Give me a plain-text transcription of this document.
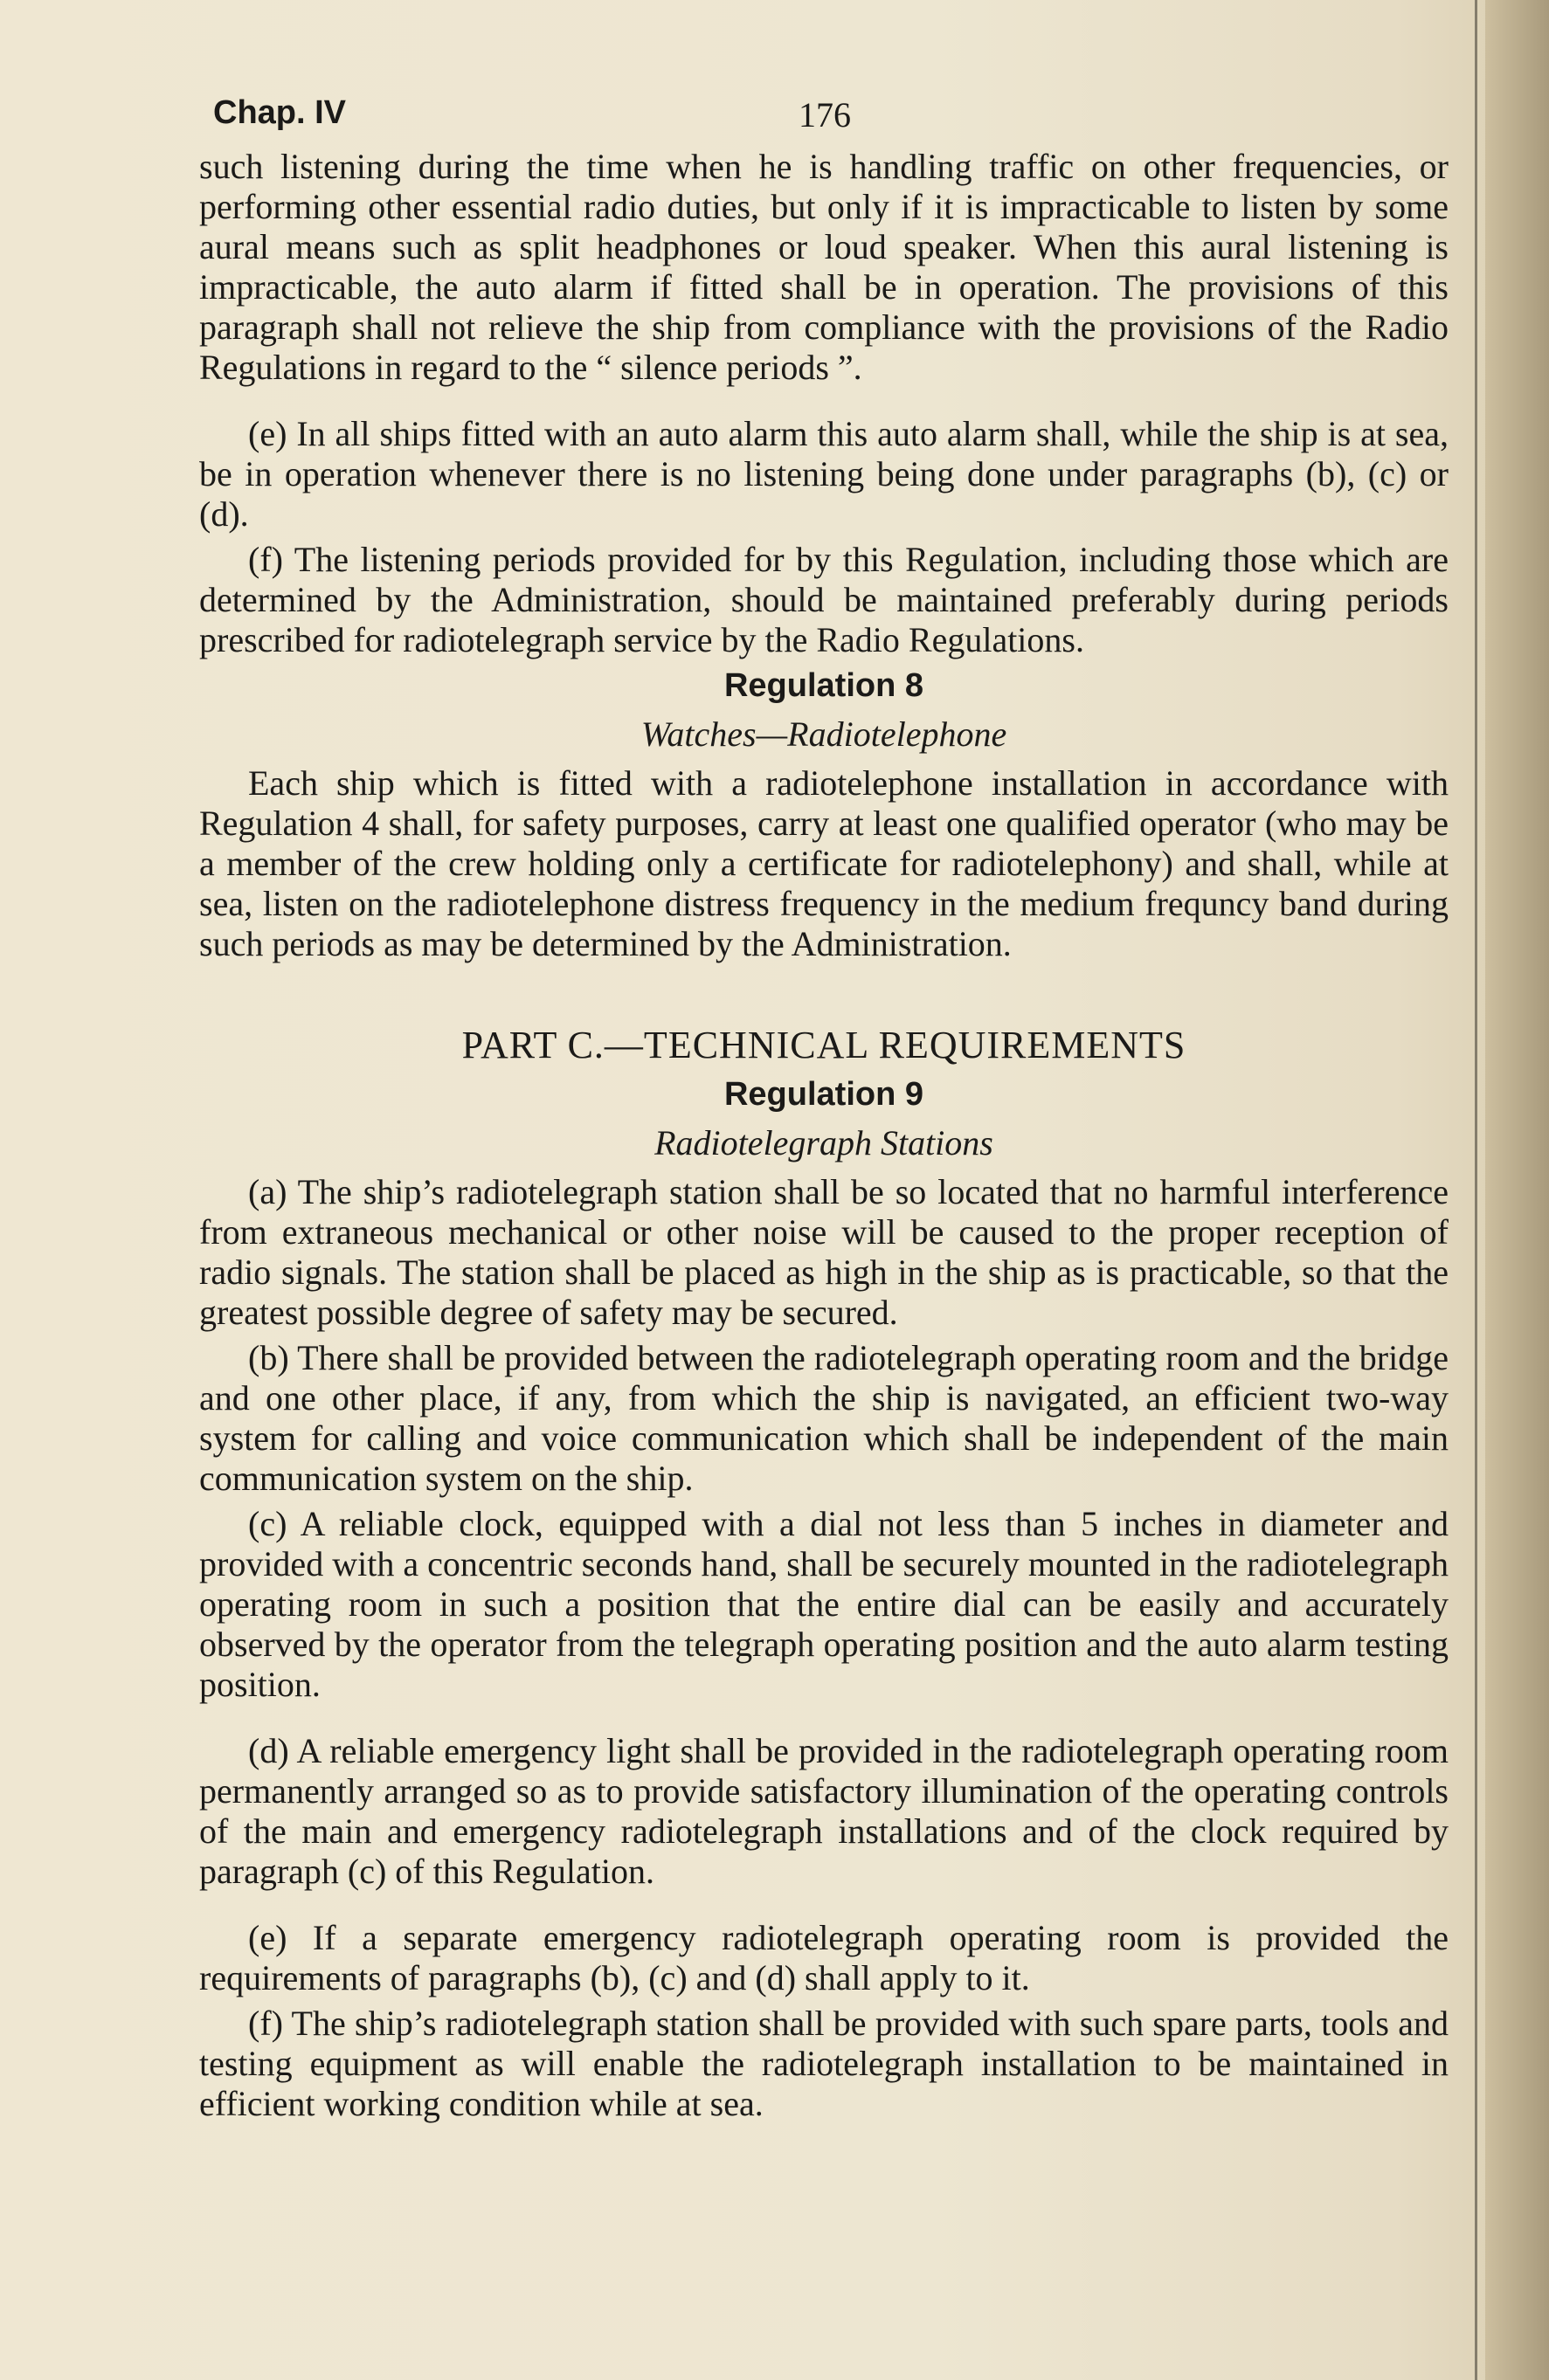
Chap. IV	176

such listening during the time when he is handling traffic on other frequencies, or performing other essential radio duties, but only if it is impracticable to listen by some aural means such as split headphones or loud speaker. When this aural listening is impracticable, the auto alarm if fitted shall be in operation. The provisions of this paragraph shall not relieve the ship from compliance with the provisions of the Radio Regulations in regard to the “ silence periods ”.

(e) In all ships fitted with an auto alarm this auto alarm shall, while the ship is at sea, be in operation whenever there is no listening being done under paragraphs (b), (c) or (d).

(f) The listening periods provided for by this Regulation, including those which are determined by the Administration, should be maintained preferably during periods prescribed for radiotelegraph service by the Radio Regulations.

Regulation 8
Watches—Radiotelephone

Each ship which is fitted with a radiotelephone installation in accordance with Regulation 4 shall, for safety purposes, carry at least one qualified operator (who may be a member of the crew holding only a certificate for radiotelephony) and shall, while at sea, listen on the radiotelephone distress frequency in the medium frequncy band during such periods as may be determined by the Administration.

PART C.—TECHNICAL REQUIREMENTS
Regulation 9
Radiotelegraph Stations

(a) The ship’s radiotelegraph station shall be so located that no harmful interference from extraneous mechanical or other noise will be caused to the proper reception of radio signals. The station shall be placed as high in the ship as is practicable, so that the greatest possible degree of safety may be secured.

(b) There shall be provided between the radiotelegraph operating room and the bridge and one other place, if any, from which the ship is navigated, an efficient two-way system for calling and voice communication which shall be independent of the main communication system on the ship.

(c) A reliable clock, equipped with a dial not less than 5 inches in diameter and provided with a concentric seconds hand, shall be securely mounted in the radiotelegraph operating room in such a position that the entire dial can be easily and accurately observed by the operator from the telegraph operating position and the auto alarm testing position.

(d) A reliable emergency light shall be provided in the radiotelegraph operating room permanently arranged so as to provide satisfactory illumination of the operating controls of the main and emergency radiotelegraph installations and of the clock required by paragraph (c) of this Regulation.

(e) If a separate emergency radiotelegraph operating room is provided the requirements of paragraphs (b), (c) and (d) shall apply to it.

(f) The ship’s radiotelegraph station shall be provided with such spare parts, tools and testing equipment as will enable the radiotelegraph installation to be maintained in efficient working condition while at sea.
